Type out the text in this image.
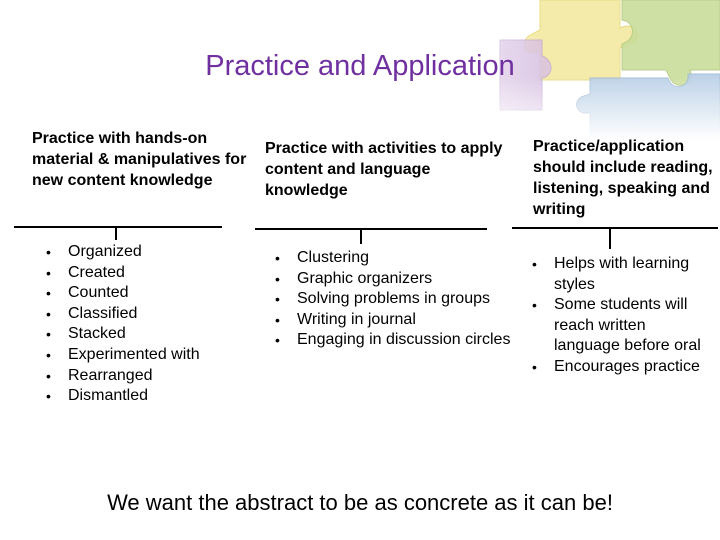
Practice and Application
Practice with hands-on material & manipulatives for new content knowledge
• Organized
• Created
• Counted
• Classified
• Stacked
• Experimented with
• Rearranged
• Dismantled
Practice with activities to apply content and language knowledge
• Clustering
• Graphic organizers
• Solving problems in groups
• Writing in journal
• Engaging in discussion circles
Practice/application should include reading, listening, speaking and writing
• Helps with learning styles
• Some students will reach written language before oral
• Encourages practice

We want the abstract to be as concrete as it can be!
